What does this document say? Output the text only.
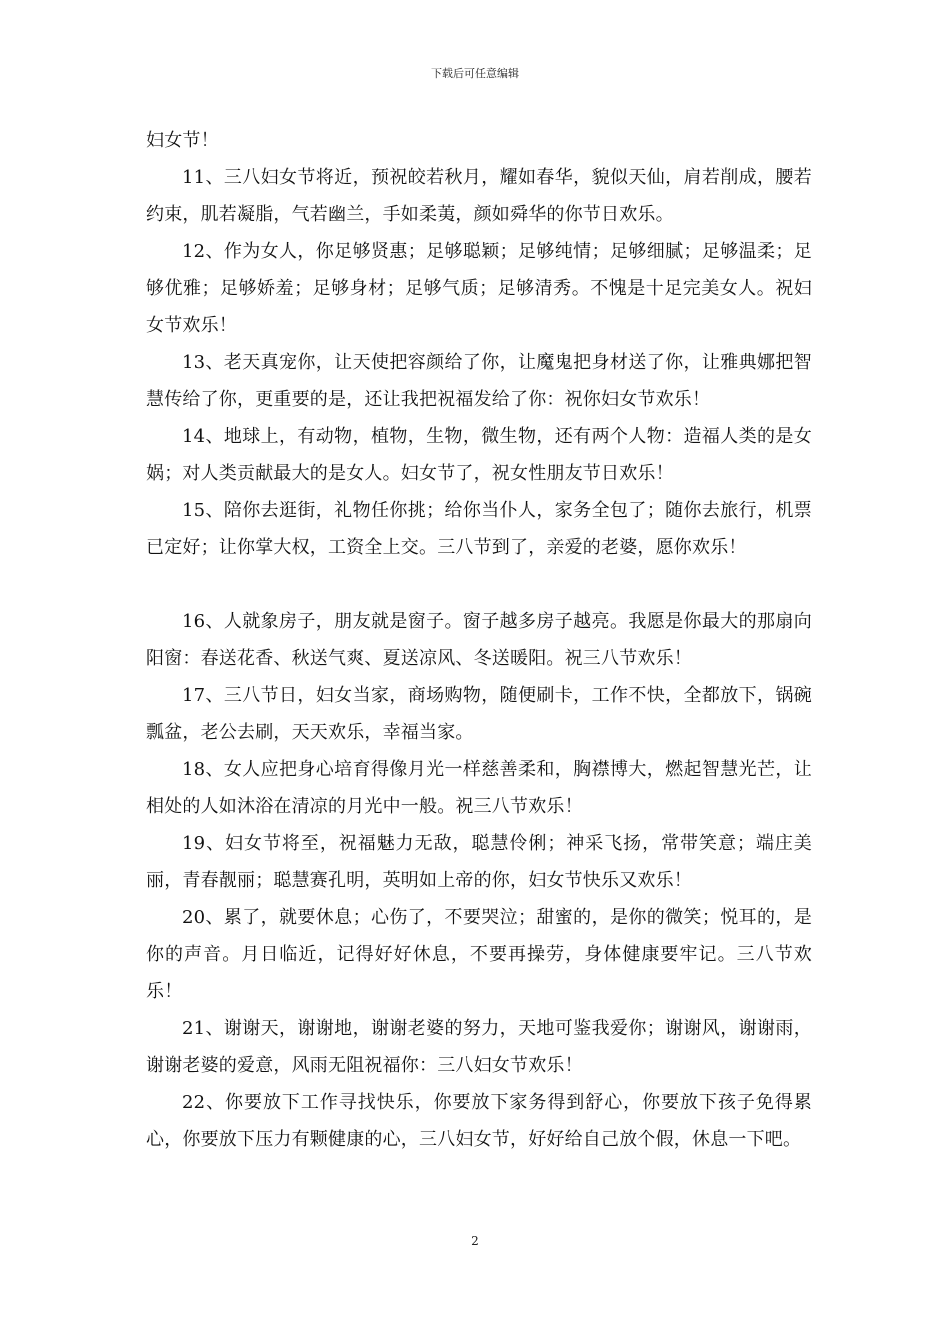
下载后可任意编辑

妇女节！

11、三八妇女节将近，预祝皎若秋月，耀如春华，貌似天仙，肩若削成，腰若约束，肌若凝脂，气若幽兰，手如柔荑，颜如舜华的你节日欢乐。

12、作为女人，你足够贤惠；足够聪颖；足够纯情；足够细腻；足够温柔；足够优雅；足够娇羞；足够身材；足够气质；足够清秀。不愧是十足完美女人。祝妇女节欢乐！

13、老天真宠你，让天使把容颜给了你，让魔鬼把身材送了你，让雅典娜把智慧传给了你，更重要的是，还让我把祝福发给了你：祝你妇女节欢乐！

14、地球上，有动物，植物，生物，微生物，还有两个人物：造福人类的是女娲；对人类贡献最大的是女人。妇女节了，祝女性朋友节日欢乐！

15、陪你去逛街，礼物任你挑；给你当仆人，家务全包了；随你去旅行，机票已定好；让你掌大权，工资全上交。三八节到了，亲爱的老婆，愿你欢乐！

16、人就象房子，朋友就是窗子。窗子越多房子越亮。我愿是你最大的那扇向阳窗：春送花香、秋送气爽、夏送凉风、冬送暖阳。祝三八节欢乐！

17、三八节日，妇女当家，商场购物，随便刷卡，工作不快，全都放下，锅碗瓢盆，老公去刷，天天欢乐，幸福当家。

18、女人应把身心培育得像月光一样慈善柔和，胸襟博大，燃起智慧光芒，让相处的人如沐浴在清凉的月光中一般。祝三八节欢乐！

19、妇女节将至，祝福魅力无敌，聪慧伶俐；神采飞扬，常带笑意；端庄美丽，青春靓丽；聪慧赛孔明，英明如上帝的你，妇女节快乐又欢乐！

20、累了，就要休息；心伤了，不要哭泣；甜蜜的，是你的微笑；悦耳的，是你的声音。月日临近，记得好好休息，不要再操劳，身体健康要牢记。三八节欢乐！

21、谢谢天，谢谢地，谢谢老婆的努力，天地可鉴我爱你；谢谢风，谢谢雨，谢谢老婆的爱意，风雨无阻祝福你：三八妇女节欢乐！

22、你要放下工作寻找快乐，你要放下家务得到舒心，你要放下孩子免得累心，你要放下压力有颗健康的心，三八妇女节，好好给自己放个假，休息一下吧。

2
